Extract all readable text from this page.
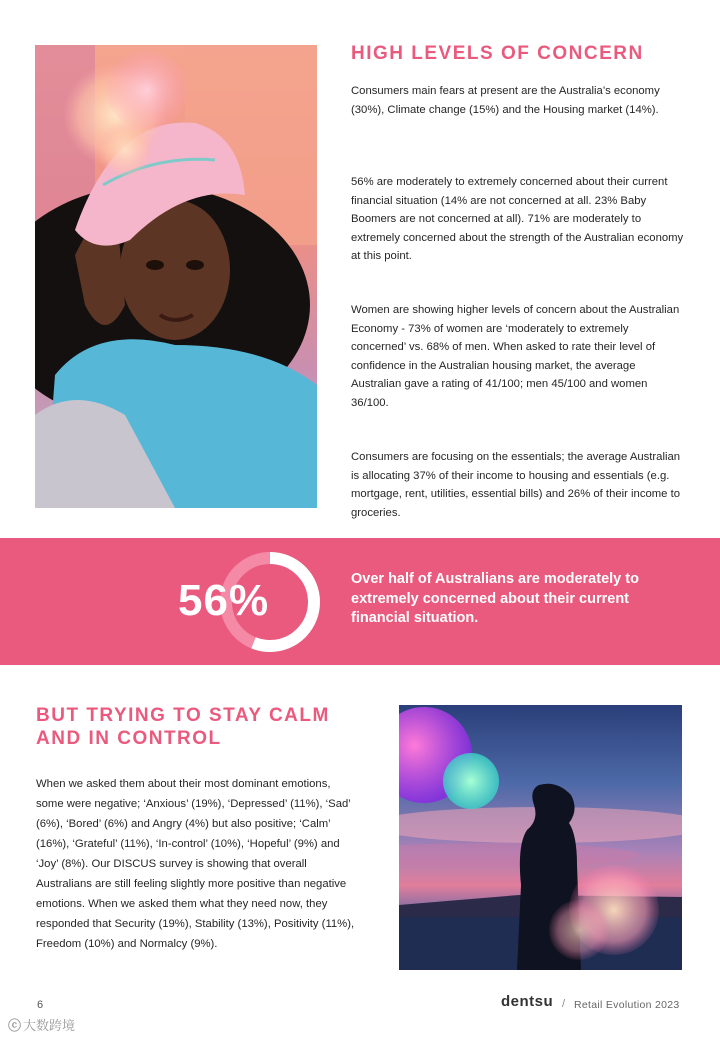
HIGH LEVELS OF CONCERN

Consumers main fears at present are the Australia’s economy (30%), Climate change (15%) and the Housing market (14%).

56% are moderately to extremely concerned about their current financial situation (14% are not concerned at all. 23% Baby Boomers are not concerned at all). 71% are moderately to extremely concerned about the strength of the Australian economy at this point.

Women are showing higher levels of concern about the Australian Economy - 73% of women are ‘moderately to extremely concerned’ vs. 68% of men. When asked to rate their level of confidence in the Australian housing market, the average Australian gave a rating of 41/100; men 45/100 and women 36/100.

Consumers are focusing on the essentials; the average Australian is allocating 37% of their income to housing and essentials (e.g. mortgage, rent, utilities, essential bills) and 26% of their income to groceries.

56%	Over half of Australians are moderately to extremely concerned about their current financial situation.
BUT TRYING TO STAY CALM
AND IN CONTROL

When we asked them about their most dominant emotions, some were negative; ‘Anxious’ (19%), ‘Depressed’ (11%), ‘Sad’ (6%), ‘Bored’ (6%) and Angry (4%) but also positive; ‘Calm’ (16%), ‘Grateful’ (11%), ‘In-control’ (10%), ‘Hopeful’ (9%) and ‘Joy’ (8%). Our DISCUS survey is showing that overall Australians are still feeling slightly more positive than negative emotions. When we asked them what they need now, they responded that Security (19%), Stability (13%), Positivity (11%), Freedom (10%) and Normalcy (9%).

6	dentsu / Retail Evolution 2023
ⓒ 大数跨境
